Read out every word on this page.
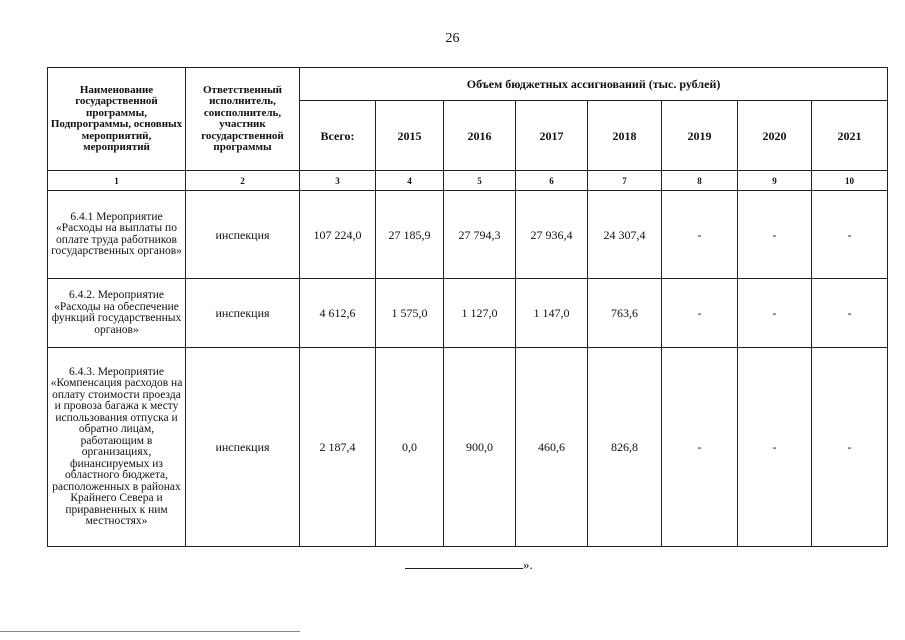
26
Наименование государственной программы, Подпрограммы, основных мероприятий, мероприятий	Ответственный исполнитель, соисполнитель, участник государственной программы	Объем бюджетных ассигнований (тыс. рублей)							
		Всего:	2015	2016	2017	2018	2019	2020	2021
1	2	3	4	5	6	7	8	9	10
6.4.1 Мероприятие «Расходы на выплаты по оплате труда работников государственных органов»	инспекция	107 224,0	27 185,9	27 794,3	27 936,4	24 307,4	-	-	-
6.4.2. Мероприятие «Расходы на обеспечение функций государственных органов»	инспекция	4 612,6	1 575,0	1 127,0	1 147,0	763,6	-	-	-
6.4.3. Мероприятие «Компенсация расходов на оплату стоимости проезда и провоза багажа к месту использования отпуска и обратно лицам, работающим в организациях, финансируемых из областного бюджета, расположенных в районах Крайнего Севера и приравненных к ним местностях»	инспекция	2 187,4	0,0	900,0	460,6	826,8	-	-	-
».
